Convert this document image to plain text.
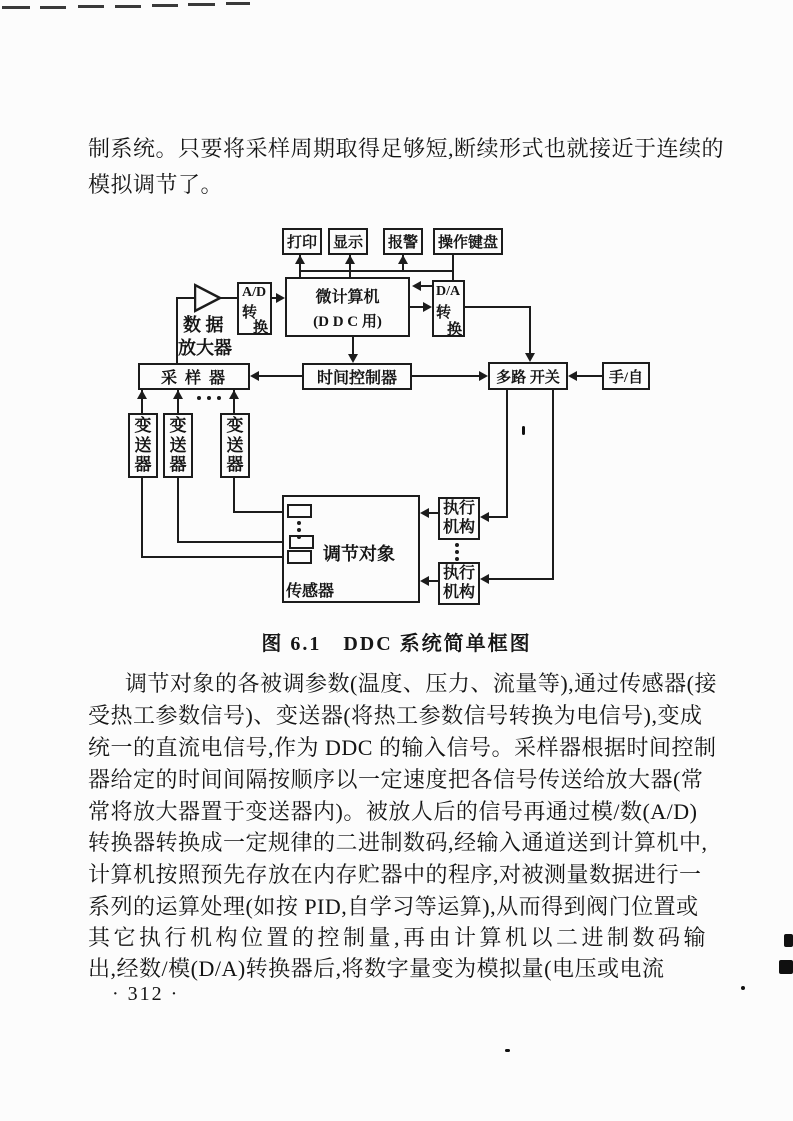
制系统。只要将采样周期取得足够短,断续形式也就接近于连续的
模拟调节了。
打印 显示 报警 操作键盘
数 据
放大器
A/D
转
换
微计算机
(D D C 用)
D/A
转
换
采 样 器	时间控制器	多路 开关	手/自
变送器
变送器
变送器
调节对象
传感器
执行机构
执行机构
图 6.1　DDC 系统简单框图
调节对象的各被调参数(温度、压力、流量等),通过传感器(接
受热工参数信号)、变送器(将热工参数信号转换为电信号),变成
统一的直流电信号,作为 DDC 的输入信号。采样器根据时间控制
器给定的时间间隔按顺序以一定速度把各信号传送给放大器(常
常将放大器置于变送器内)。被放人后的信号再通过模/数(A/D)
转换器转换成一定规律的二进制数码,经输入通道送到计算机中,
计算机按照预先存放在内存贮器中的程序,对被测量数据进行一
系列的运算处理(如按 PID,自学习等运算),从而得到阀门位置或
其它执行机构位置的控制量,再由计算机以二进制数码输
出,经数/模(D/A)转换器后,将数字量变为模拟量(电压或电流
· 312 ·
